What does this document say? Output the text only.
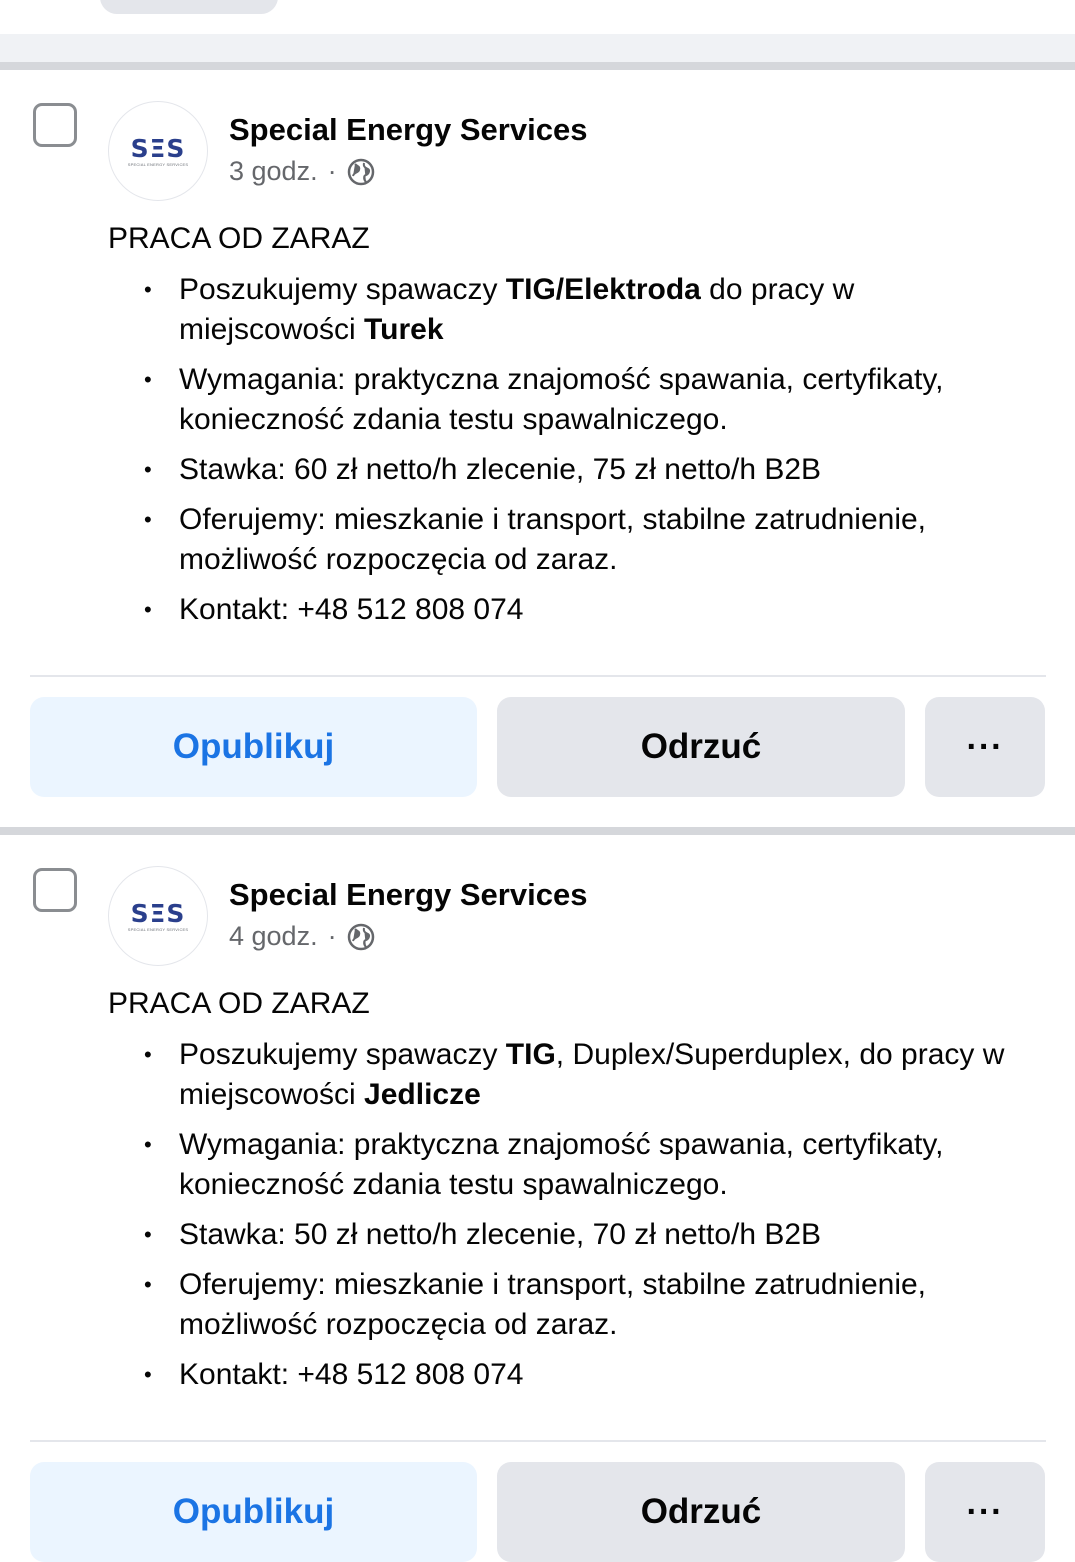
SΞS
SPECIAL ENERGY SERVICES
Special Energy Services
3 godz. ·
PRACA OD ZARAZ
• Poszukujemy spawaczy TIG/Elektroda do pracy w miejscowości Turek
• Wymagania: praktyczna znajomość spawania, certyfikaty, konieczność zdania testu spawalniczego.
• Stawka: 60 zł netto/h zlecenie, 75 zł netto/h B2B
• Oferujemy: mieszkanie i transport, stabilne zatrudnienie, możliwość rozpoczęcia od zaraz.
• Kontakt: +48 512 808 074
Opublikuj	Odrzuć	···
SΞS
SPECIAL ENERGY SERVICES
Special Energy Services
4 godz. ·
PRACA OD ZARAZ
• Poszukujemy spawaczy TIG, Duplex/Superduplex, do pracy w miejscowości Jedlicze
• Wymagania: praktyczna znajomość spawania, certyfikaty, konieczność zdania testu spawalniczego.
• Stawka: 50 zł netto/h zlecenie, 70 zł netto/h B2B
• Oferujemy: mieszkanie i transport, stabilne zatrudnienie, możliwość rozpoczęcia od zaraz.
• Kontakt: +48 512 808 074
Opublikuj	Odrzuć	···
